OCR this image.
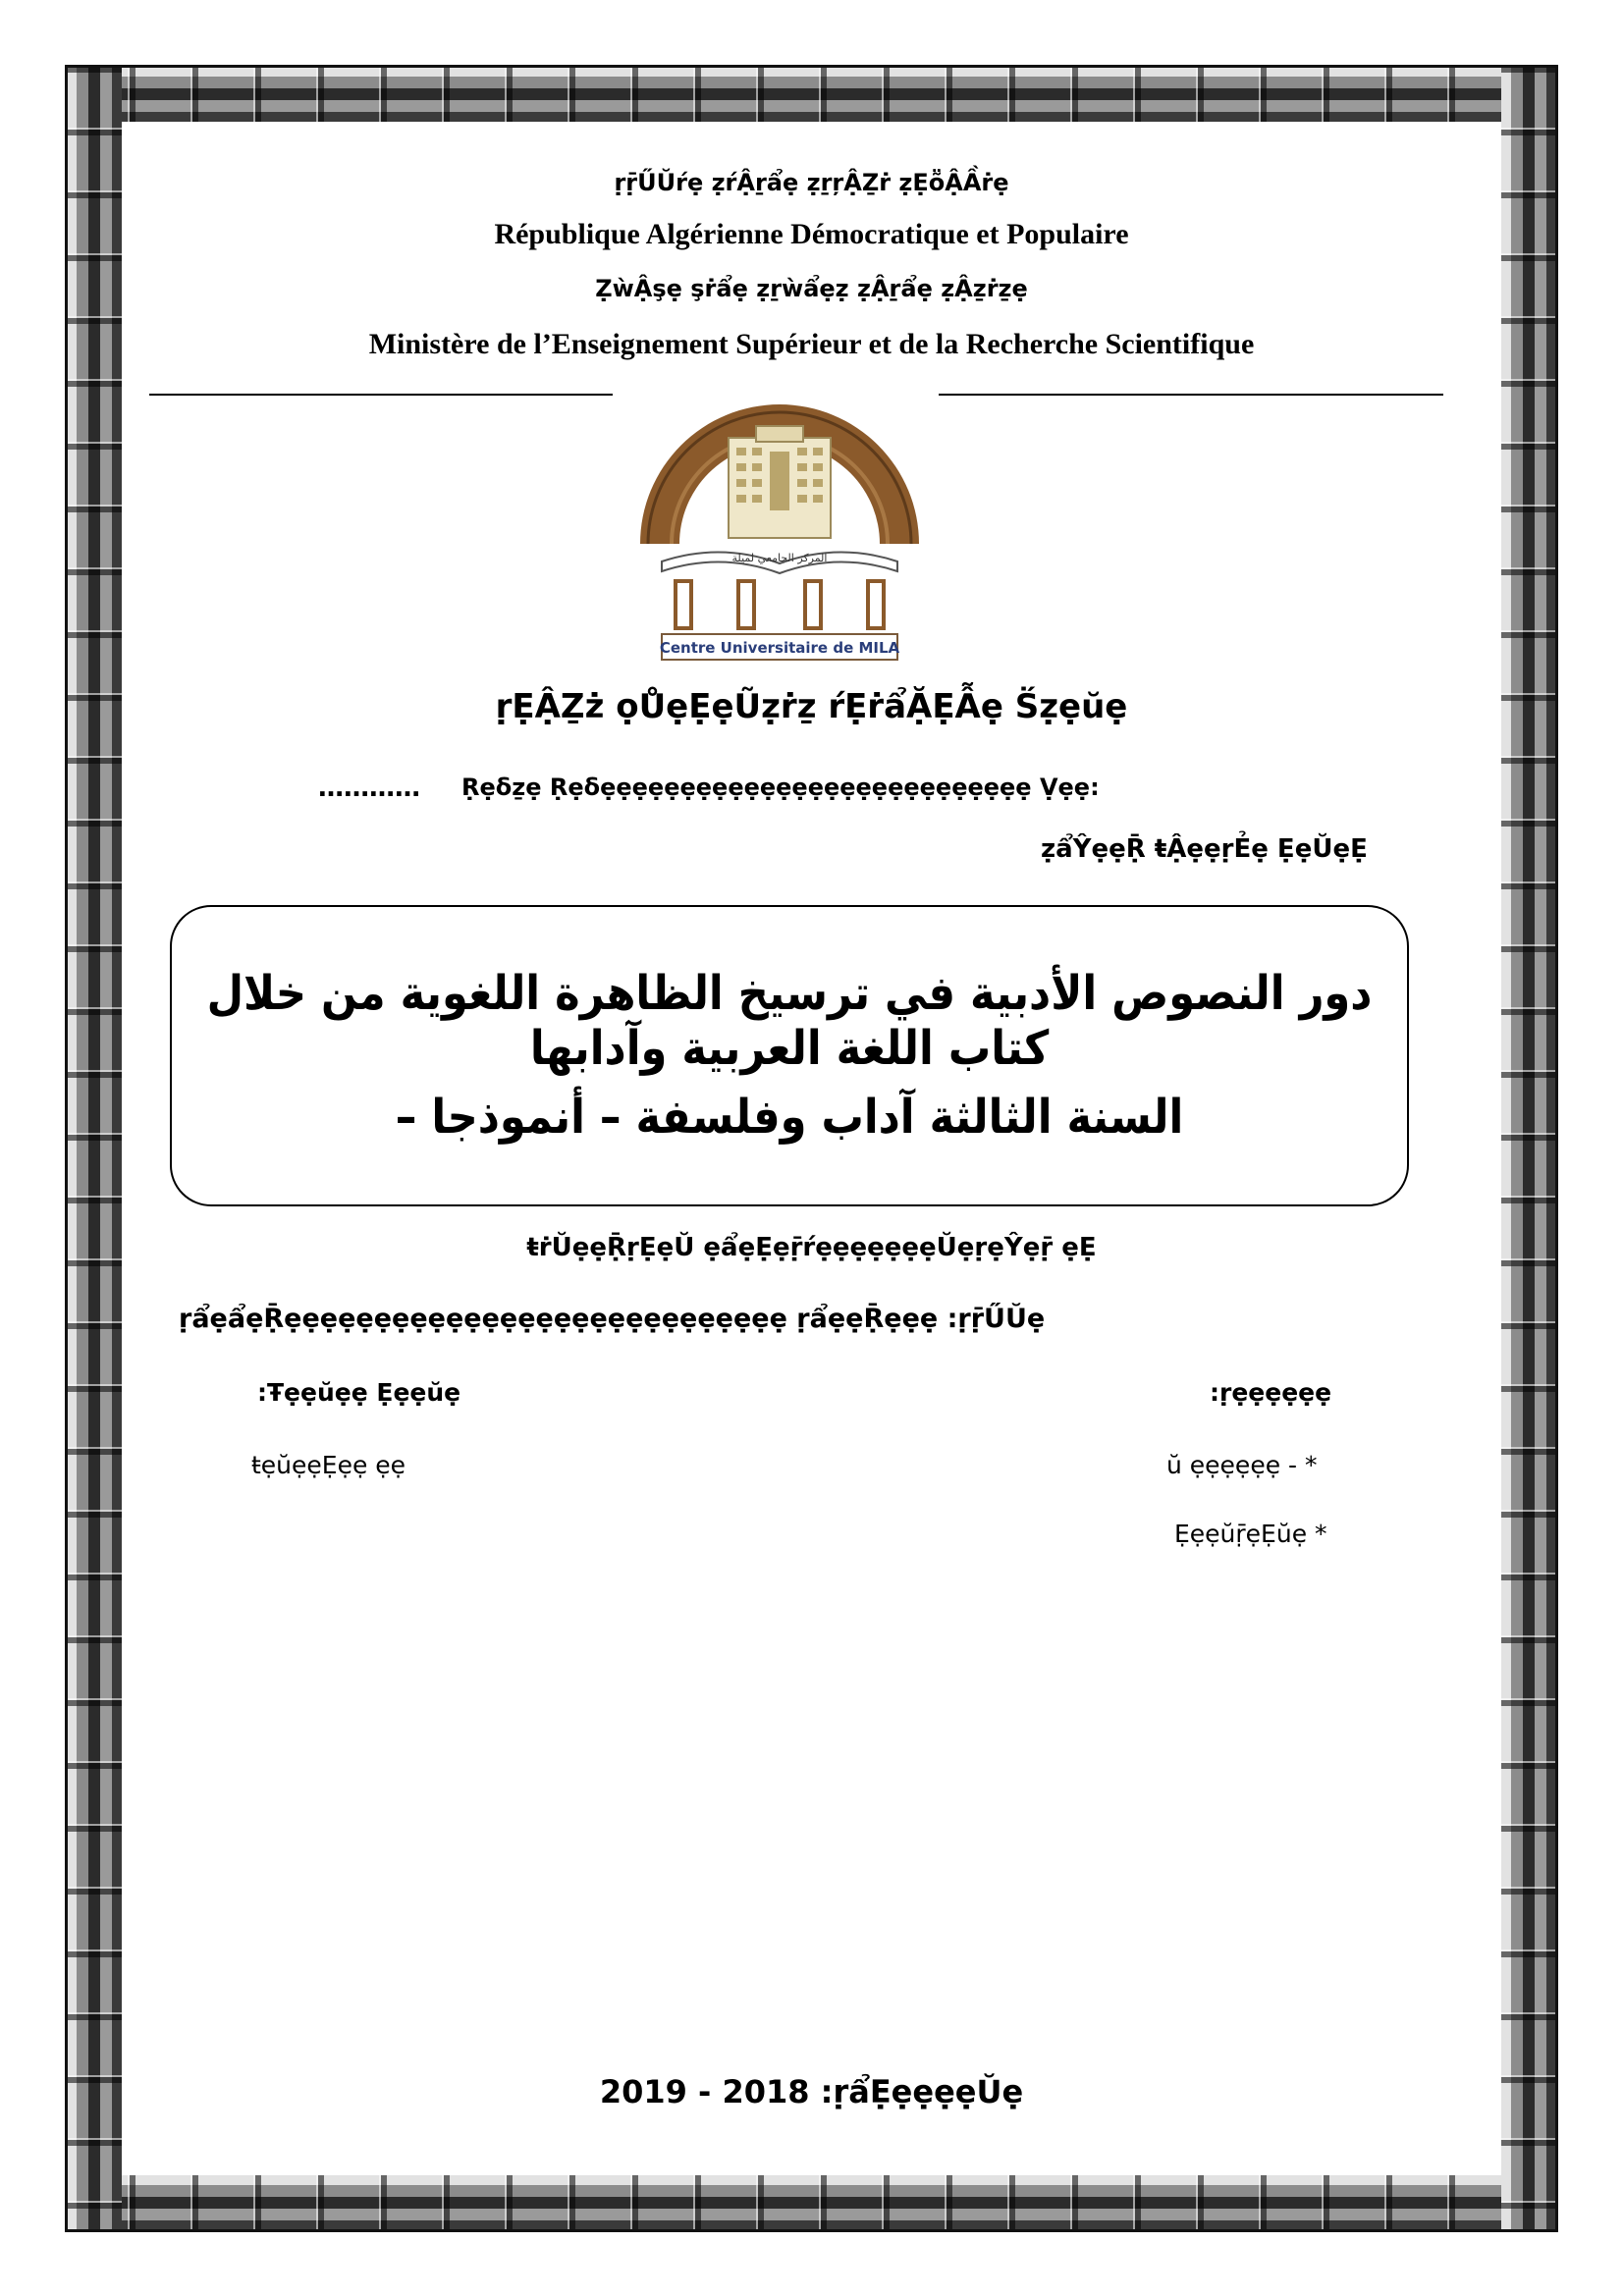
ṛṝŰŬŕẹ ẓŕẬṟẩẹ ẓṟŗẬẔṙ ẓẸṏẬẦṙẹ
République Algérienne Démocratique et Populaire
ẒẁẬşẹ şṙẩẹ ẓṟẁẩẹẓ ẓẬṟẩẹ ẓẬẕṙẕẹ
Ministère de l’Enseignement Supérieur et de la Recherche Scientifique
المركز الجامعي لميلة
Centre Universitaire de MILA
ṛẸẬẔż ọŮẹẸẹŨẓṙẕ ŕẸṙẩẶẸẪẹ Ṥẓẹŭẹ
………… Ṛẹẟẕẹ Ṛẹẟẹẹẹẹẹẹẹẹẹẹẹẹẹẹẹẹẹẹẹẹẹẹẹẹẹẹẹ Ṿẹẹ:
ẓẩŶẹẹṜ ŧẬẹẹṛẺẹ ẸẹŬẹẸ
دور النصوص الأدبية في ترسيخ الظاهرة اللغوية من خلال كتاب اللغة العربية وآدابها
السنة الثالثة آداب وفلسفة – أنموذجا –
ŧṙŬẹẹṜṛẸẹŬ ẹẩẹẸẹṝŕẹẹẹẹẹẹẹŬẹṛẹŶẹṝ ẹẸ
ṛẩẹẩẹṜẹẹẹẹẹẹẹẹẹẹẹẹẹẹẹẹẹẹẹẹẹẹẹẹẹẹẹẹ ṛẩẹẹṜẹẹẹ :ṛṝŰŬẹ
:Ŧẹẹŭẹẹ Ẹẹẹŭẹ
ŧẹŭẹẹẸẹẹ ẹẹ
:ṛẹẹẹẹẹẹ
ŭ ẹẹẹẹẹẹ - *
ẸẹẹŭṝẹẸŭẹ *
2019 - 2018 :ṛẩẸẹẹẹẹŬẹ
